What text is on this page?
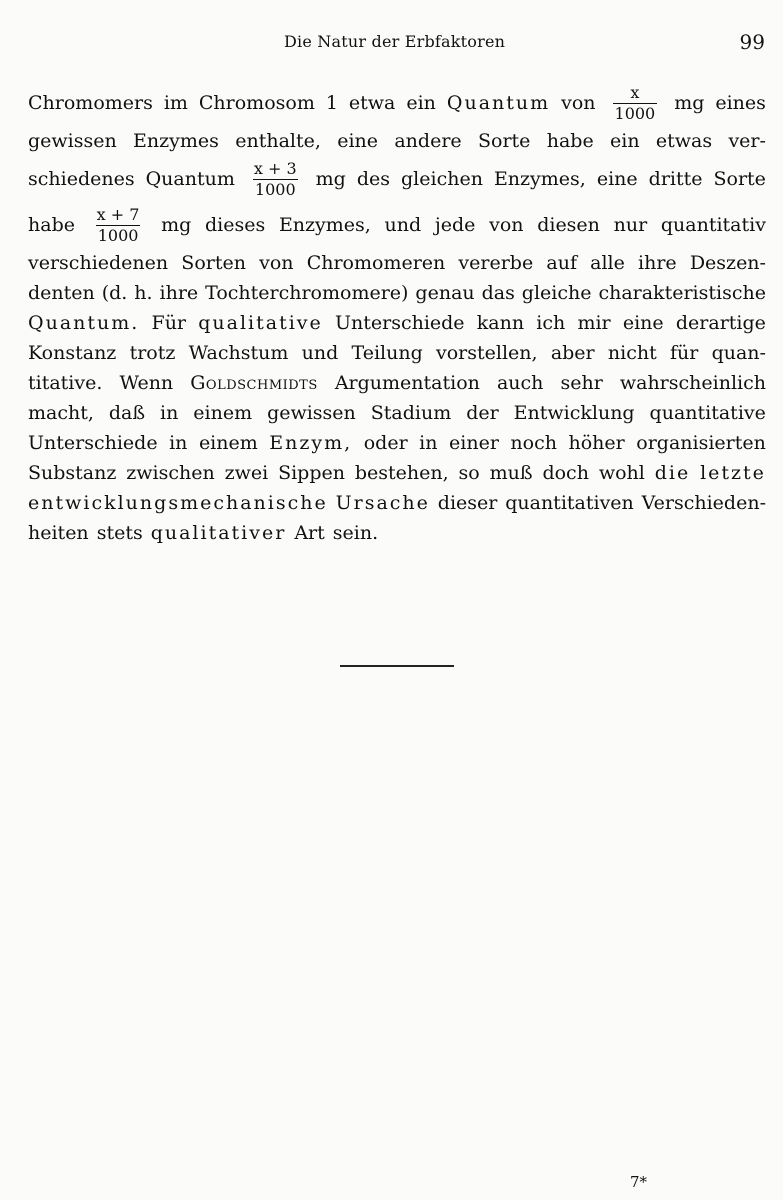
Die Natur der Erbfaktoren	99
Chromomers im Chromosom 1 etwa ein Quantum von $\frac{x}{1000}$ mg eines
gewissen Enzymes enthalte, eine andere Sorte habe ein etwas ver-
schiedenes Quantum $\frac{x + 3}{1000}$ mg des gleichen Enzymes, eine dritte Sorte
habe $\frac{x + 7}{1000}$ mg dieses Enzymes, und jede von diesen nur quantitativ
verschiedenen Sorten von Chromomeren vererbe auf alle ihre Deszen-
denten (d. h. ihre Tochterchromomere) genau das gleiche charakteristische
Quantum. Für qualitative Unterschiede kann ich mir eine derartige
Konstanz trotz Wachstum und Teilung vorstellen, aber nicht für quan-
titative. Wenn Goldschmidts Argumentation auch sehr wahrscheinlich
macht, daß in einem gewissen Stadium der Entwicklung quantitative
Unterschiede in einem Enzym, oder in einer noch höher organisierten
Substanz zwischen zwei Sippen bestehen, so muß doch wohl die letzte
entwicklungsmechanische Ursache dieser quantitativen Verschieden-
heiten stets qualitativer Art sein.
7*
